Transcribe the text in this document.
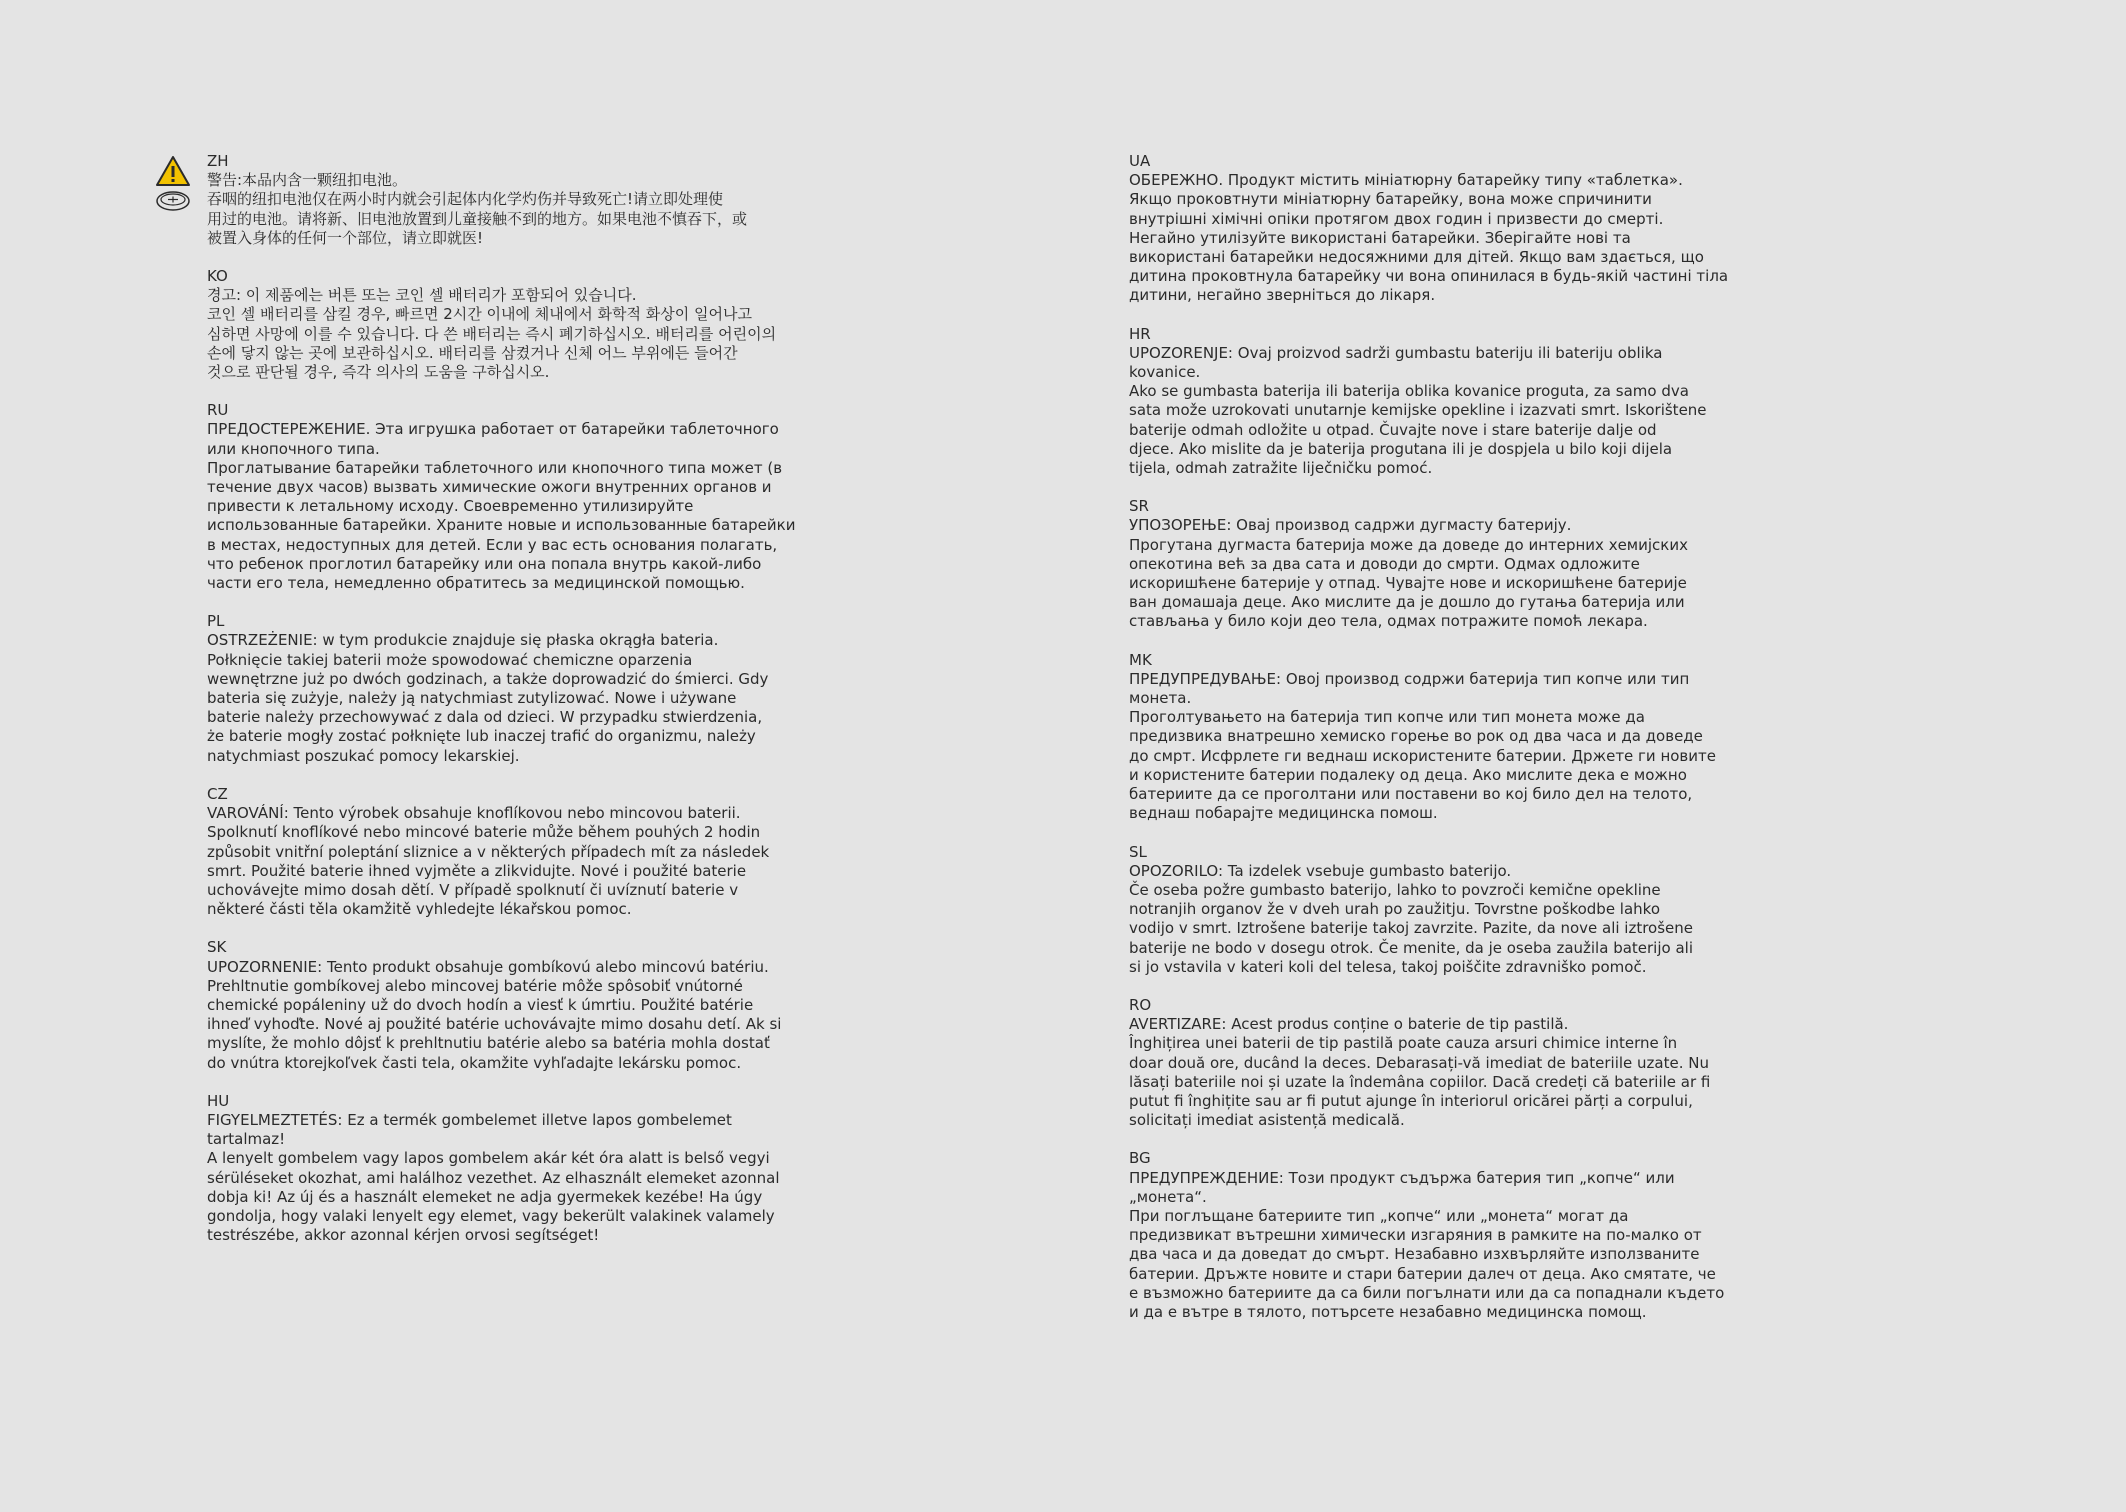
ZH

警告:本品内含一颗纽扣电池。

吞咽的纽扣电池仅在两小时内就会引起体内化学灼伤并导致死亡!请立即处理使
用过的电池。请将新、旧电池放置到儿童接触不到的地方。如果电池不慎吞下，或
被置入身体的任何一个部位，请立即就医!

KO

경고: 이 제품에는 버튼 또는 코인 셀 배터리가 포함되어 있습니다.

코인 셀 배터리를 삼킬 경우, 빠르면 2시간 이내에 체내에서 화학적 화상이 일어나고
심하면 사망에 이를 수 있습니다. 다 쓴 배터리는 즉시 폐기하십시오. 배터리를 어린이의
손에 닿지 않는 곳에 보관하십시오. 배터리를 삼켰거나 신체 어느 부위에든 들어간
것으로 판단될 경우, 즉각 의사의 도움을 구하십시오.

RU

ПРЕДОСТЕРЕЖЕНИЕ. Эта игрушка работает от батарейки таблеточного
или кнопочного типа.

Проглатывание батарейки таблеточного или кнопочного типа может (в
течение двух часов) вызвать химические ожоги внутренних органов и
привести к летальному исходу. Своевременно утилизируйте
использованные батарейки. Храните новые и использованные батарейки
в местах, недоступных для детей. Если у вас есть основания полагать,
что ребенок проглотил батарейку или она попала внутрь какой-либо
части его тела, немедленно обратитесь за медицинской помощью.

PL

OSTRZEŻENIE: w tym produkcie znajduje się płaska okrągła bateria.

Połknięcie takiej baterii może spowodować chemiczne oparzenia
wewnętrzne już po dwóch godzinach, a także doprowadzić do śmierci. Gdy
bateria się zużyje, należy ją natychmiast zutylizować. Nowe i używane
baterie należy przechowywać z dala od dzieci. W przypadku stwierdzenia,
że baterie mogły zostać połknięte lub inaczej trafić do organizmu, należy
natychmiast poszukać pomocy lekarskiej.

CZ

VAROVÁNÍ: Tento výrobek obsahuje knoflíkovou nebo mincovou baterii.

Spolknutí knoflíkové nebo mincové baterie může během pouhých 2 hodin
způsobit vnitřní poleptání sliznice a v některých případech mít za následek
smrt. Použité baterie ihned vyjměte a zlikvidujte. Nové i použité baterie
uchovávejte mimo dosah dětí. V případě spolknutí či uvíznutí baterie v
některé části těla okamžitě vyhledejte lékařskou pomoc.

SK

UPOZORNENIE: Tento produkt obsahuje gombíkovú alebo mincovú batériu.

Prehltnutie gombíkovej alebo mincovej batérie môže spôsobiť vnútorné
chemické popáleniny už do dvoch hodín a viesť k úmrtiu. Použité batérie
ihneď vyhoďte. Nové aj použité batérie uchovávajte mimo dosahu detí. Ak si
myslíte, že mohlo dôjsť k prehltnutiu batérie alebo sa batéria mohla dostať
do vnútra ktorejkoľvek časti tela, okamžite vyhľadajte lekársku pomoc.

HU

FIGYELMEZTETÉS: Ez a termék gombelemet illetve lapos gombelemet
tartalmaz!

A lenyelt gombelem vagy lapos gombelem akár két óra alatt is belső vegyi
sérüléseket okozhat, ami halálhoz vezethet. Az elhasznált elemeket azonnal
dobja ki! Az új és a használt elemeket ne adja gyermekek kezébe! Ha úgy
gondolja, hogy valaki lenyelt egy elemet, vagy bekerült valakinek valamely
testrészébe, akkor azonnal kérjen orvosi segítséget!

UA

ОБЕРЕЖНО. Продукт містить мініатюрну батарейку типу «таблетка».

Якщо проковтнути мініатюрну батарейку, вона може спричинити
внутрішні хімічні опіки протягом двох годин і призвести до смерті.
Негайно утилізуйте використані батарейки. Зберігайте нові та
використані батарейки недосяжними для дітей. Якщо вам здається, що
дитина проковтнула батарейку чи вона опинилася в будь-якій частині тіла
дитини, негайно зверніться до лікаря.

HR

UPOZORENJE: Ovaj proizvod sadrži gumbastu bateriju ili bateriju oblika
kovanice.

Ako se gumbasta baterija ili baterija oblika kovanice proguta, za samo dva
sata može uzrokovati unutarnje kemijske opekline i izazvati smrt. Iskorištene
baterije odmah odložite u otpad. Čuvajte nove i stare baterije dalje od
djece. Ako mislite da je baterija progutana ili je dospjela u bilo koji dijela
tijela, odmah zatražite liječničku pomoć.

SR

УПОЗОРЕЊЕ: Овај производ садржи дугмасту батерију.

Прогутана дугмаста батерија може да доведе до интерних хемијских
опекотина већ за два сата и доводи до смрти. Одмах одложите
искоришћене батерије у отпад. Чувајте нове и искоришћене батерије
ван домашаја деце. Ако мислите да је дошло до гутања батерија или
стављања у било који део тела, одмах потражите помоћ лекара.

MK

ПРЕДУПРЕДУВАЊЕ: Овој производ содржи батерија тип копче или тип
монета.

Проголтувањето на батерија тип копче или тип монета може да
предизвика внатрешно хемиско горење во рок од два часа и да доведе
до смрт. Исфрлете ги веднаш искористените батерии. Држете ги новите
и користените батерии подалеку од деца. Ако мислите дека е можно
батериите да се проголтани или поставени во кој било дел на телото,
веднаш побарајте медицинска помош.

SL

OPOZORILO: Ta izdelek vsebuje gumbasto baterijo.

Če oseba požre gumbasto baterijo, lahko to povzroči kemične opekline
notranjih organov že v dveh urah po zaužitju. Tovrstne poškodbe lahko
vodijo v smrt. Iztrošene baterije takoj zavrzite. Pazite, da nove ali iztrošene
baterije ne bodo v dosegu otrok. Če menite, da je oseba zaužila baterijo ali
si jo vstavila v kateri koli del telesa, takoj poiščite zdravniško pomoč.

RO

AVERTIZARE: Acest produs conține o baterie de tip pastilă.

Înghițirea unei baterii de tip pastilă poate cauza arsuri chimice interne în
doar două ore, ducând la deces. Debarasați-vă imediat de bateriile uzate. Nu
lăsați bateriile noi și uzate la îndemâna copiilor. Dacă credeți că bateriile ar fi
putut fi înghițite sau ar fi putut ajunge în interiorul oricărei părți a corpului,
solicitați imediat asistență medicală.

BG

ПРЕДУПРЕЖДЕНИЕ: Този продукт съдържа батерия тип „копче“ или
„монета“.

При поглъщане батериите тип „копче“ или „монета“ могат да
предизвикат вътрешни химически изгаряния в рамките на по-малко от
два часа и да доведат до смърт. Незабавно изхвърляйте използваните
батерии. Дръжте новите и стари батерии далеч от деца. Ако смятате, че
е възможно батериите да са били погълнати или да са попаднали където
и да е вътре в тялото, потърсете незабавно медицинска помощ.
